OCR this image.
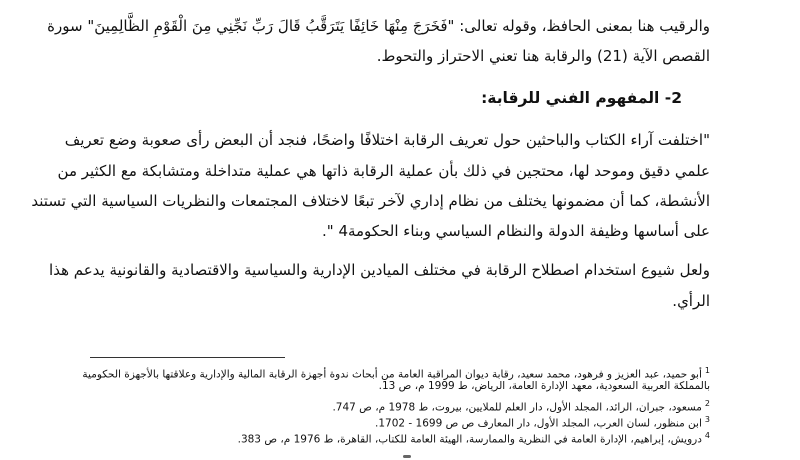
والرقيب هنا بمعنى الحافظ، وقوله تعالى: "فَخَرَجَ مِنْهَا خَائِفًا يَتَرَقَّبُ قَالَ رَبِّ نَجِّنِي مِنَ الْقَوْمِ الظَّالِمِينَ" سورة
القصص الآية (21) والرقابة هنا تعني الاحتراز والتحوط.
2- المفهوم الفني للرقابة:
"اختلفت آراء الكتاب والباحثين حول تعريف الرقابة اختلافًا واضحًا، فنجد أن البعض رأى صعوبة وضع تعريف
علمي دقيق وموحد لها، محتجين في ذلك بأن عملية الرقابة ذاتها هي عملية متداخلة ومتشابكة مع الكثير من
الأنشطة، كما أن مضمونها يختلف من نظام إداري لآخر تبعًا لاختلاف المجتمعات والنظريات السياسية التي تستند
على أساسها وظيفة الدولة والنظام السياسي وبناء الحكومة4 ".
ولعل شيوع استخدام اصطلاح الرقابة في مختلف الميادين الإدارية والسياسية والاقتصادية والقانونية يدعم هذا
الرأي.
$^1$أبو حميد، عبد العزيز و فرهود، محمد سعيد، رقابة ديوان المراقبة العامة من أبحاث ندوة أجهزة الرقابة المالية والإدارية وعلاقتها بالأجهزة الحكومية
بالمملكة العربية السعودية، معهد الإدارة العامة، الرياض، ط 1999 م، ص 13.
$^2$مسعود، جبران، الرائد، المجلد الأول، دار العلم للملايين، بيروت، ط 1978 م، ص 747.
$^3$ابن منظور، لسان العرب، المجلد الأول، دار المعارف ص ص 1699 - 1702.
$^4$درويش، إبراهيم، الإدارة العامة في النظرية والممارسة، الهيئة العامة للكتاب، القاهرة، ط 1976 م، ص 383.
